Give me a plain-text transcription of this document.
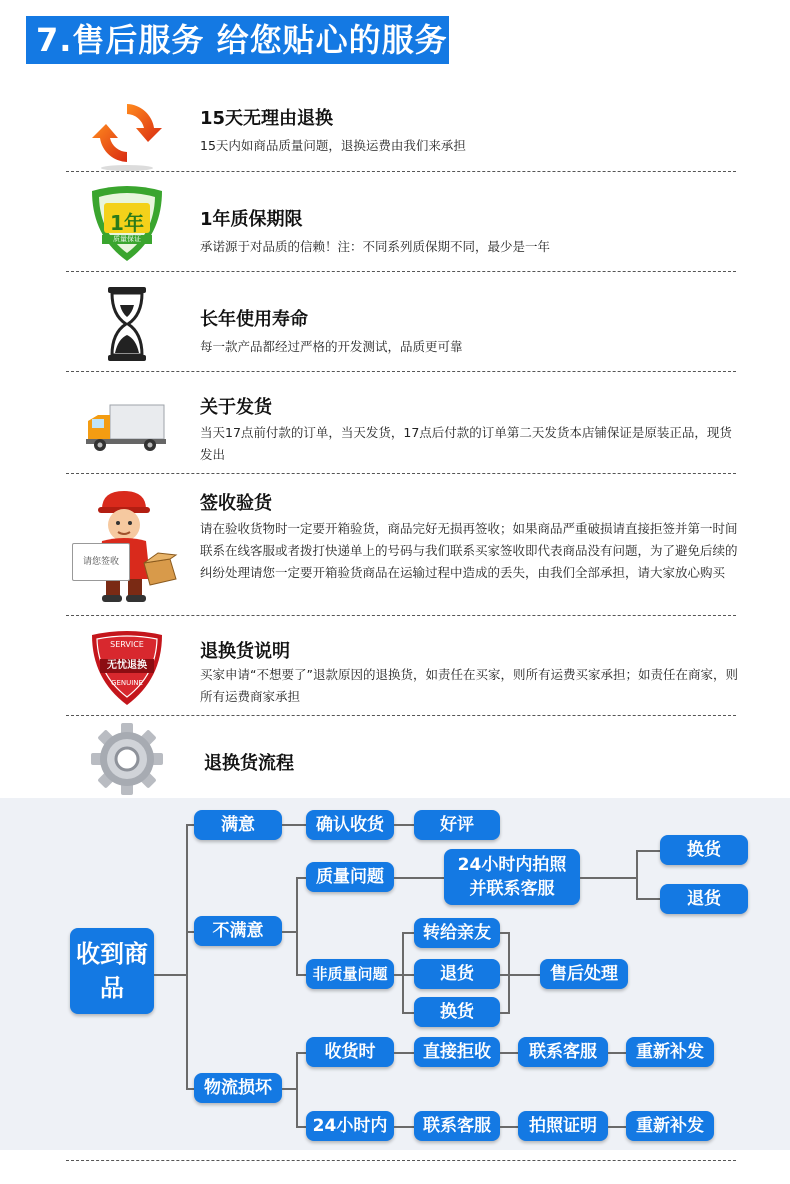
7.售后服务 给您贴心的服务
15天无理由退换
15天内如商品质量问题，退换运费由我们来承担
1年
质量保证
1年质保期限
承诺源于对品质的信赖！注：不同系列质保期不同，最少是一年
长年使用寿命
每一款产品都经过严格的开发测试，品质更可靠
关于发货
当天17点前付款的订单，当天发货，17点后付款的订单第二天发货本店铺保证是原装正品，现货发出
请您签收
签收验货
请在验收货物时一定要开箱验货，商品完好无损再签收；如果商品严重破损请直接拒签并第一时间联系在线客服或者拨打快递单上的号码与我们联系买家签收即代表商品没有问题，为了避免后续的纠纷处理请您一定要开箱验货商品在运输过程中造成的丢失，由我们全部承担，请大家放心购买
SERVICE
无忧退换
GENUINE
退换货说明
买家申请“不想要了”退款原因的退换货，如责任在买家，则所有运费买家承担；如责任在商家，则所有运费商家承担
退换货流程
收到商品
满意	确认收货	好评
不满意
质量问题
24小时内拍照
并联系客服
换货
退货
非质量问题
转给亲友
退货
换货
售后处理
物流损坏
收货时	直接拒收	联系客服	重新补发
24小时内	联系客服	拍照证明	重新补发
